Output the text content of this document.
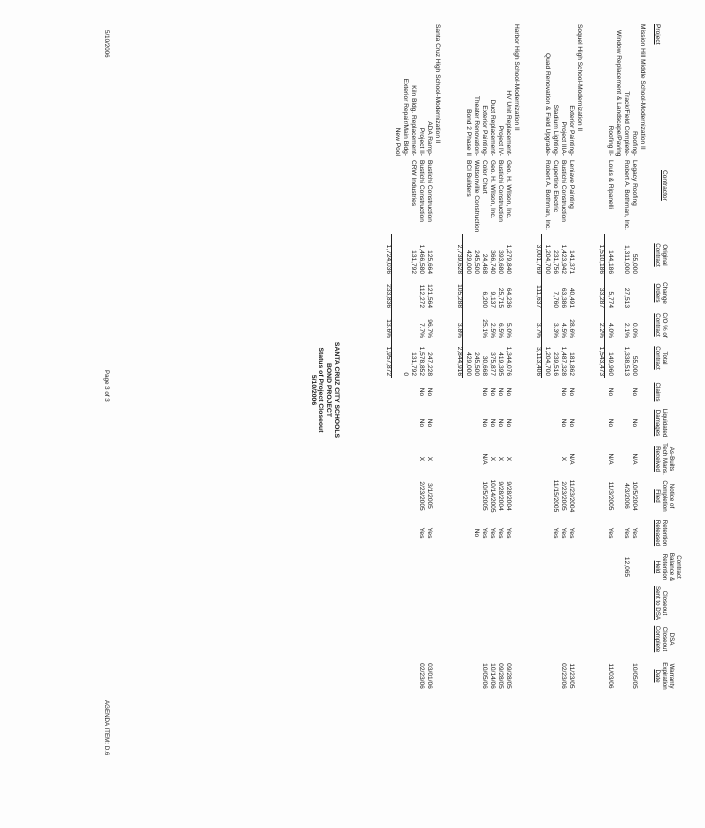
SANTA CRUZ CITY SCHOOLS
BOND PROJECT
Status of Project Closeout
5/10/2006
Original
Contract
Change
Orders
C/O % of
Contract
Total
Contract
Claims
Liquidated
Damages
As-Builts
Tech Mans.
Received
Notice of
Completion
Filed
Retention
Released
Contract
Balance &
Retention
Held
Closeout
Sent to DSA
DSA
Closeout
Complete
Warranty
Expiration
Date
Project
Contractor
Mission Hill Middle School-Modernization II
Roofing-
Legacy Roofing
55,000
0.0%
55,000
No
No
N/A
10/5/2004
Yes
10/05/05
Track/Field Complete-
Robert A. Bothman, Inc.
1,311,000
27,513
2.1%
1,338,513
4/3/2006
Yes
12,065
Window Replacement & Landscape/Paving
Roofing II-
Louis & Ripanelli
144,186
5,774
4.0%
149,960
No
No
N/A
11/3/2005
Yes
11/03/06
1,510,186
33,287
2.2%
1,543,473
Soquel High School-Modernization II
Exterior Painting-
Leniave Painting
141,371
40,491
28.6%
181,862
No
No
N/A
11/23/2004
Yes
11/23/05
Project IIIA-
Bustichi Construction
1,423,942
63,386
4.5%
1,487,328
No
No
X
2/23/2005
Yes
02/23/06
Stadium Lighting-
Cupertino Electric
231,756
7,760
3.3%
239,516
11/15/2005
Yes
Quad Renovation & Field Upgrade-
Robert A. Bothman, Inc.
1,204,700
1,204,700
3,001,769
111,637
3.7%
3,113,406
Harbor High School-Modernization II
HV Unit Replacement-
Geo. H. Wilson, Inc.
1,279,840
64,236
5.0%
1,344,076
No
No
X
9/28/2004
Yes
09/28/05
Project IV-
Bustichi Construction
393,680
25,715
6.5%
419,395
No
No
X
9/28/2004
Yes
09/28/05
Duct Replacement-
Geo. H. Wilson, Inc.
366,740
9,137
2.5%
375,877
No
No
X
10/14/2005
Yes
10/14/06
Exterior Painting-
Color Chart
24,468
6,200
25.1%
30,668
No
No
N/A
10/5/2005
Yes
10/05/06
Theater Renovation-
Watsonville Construction
245,500
245,500
No
Bond 2 Phase II
BCI Builders
429,000
429,000
2,739,628
105,288
3.8%
2,844,916
Santa Cruz High School-Modernization II
ADA Ramp-
Bustichi Construction
125,664
121,564
96.7%
247,228
No
No
X
3/1/2005
Yes
03/01/06
Project II-
Bustichi Construction
1,466,580
112,272
7.7%
1,578,852
No
No
X
2/23/2005
Yes
02/23/06
Kiln Bldg. Replacement-
CRW Industries
131,792
131,792
Exterior Repair/Main Bldg-
0
New Pool
1,724,036
233,836
13.6%
1,957,872
5/10/2006
Page 3 of 3
AGENDA ITEM: D.6
